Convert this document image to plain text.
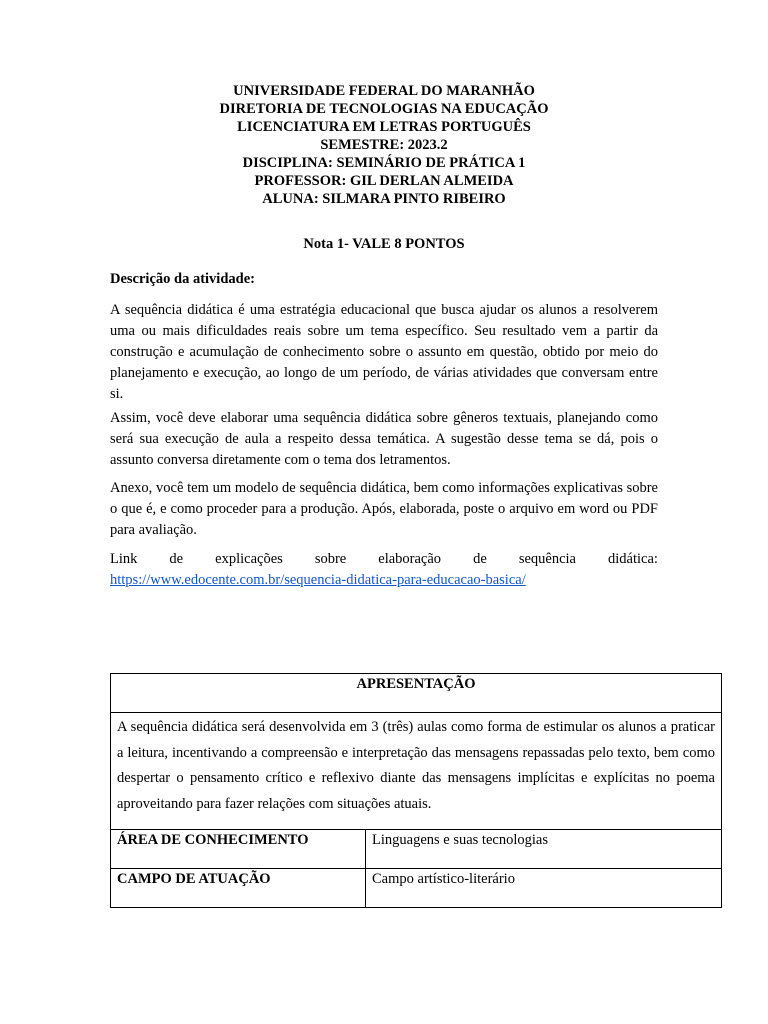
UNIVERSIDADE FEDERAL DO MARANHÃO
DIRETORIA DE TECNOLOGIAS NA EDUCAÇÃO
LICENCIATURA EM LETRAS PORTUGUÊS
SEMESTRE: 2023.2
DISCIPLINA: SEMINÁRIO DE PRÁTICA 1
PROFESSOR: GIL DERLAN ALMEIDA
ALUNA: SILMARA PINTO RIBEIRO
Nota 1- VALE 8 PONTOS
Descrição da atividade:

A sequência didática é uma estratégia educacional que busca ajudar os alunos a resolverem uma ou mais dificuldades reais sobre um tema específico. Seu resultado vem a partir da construção e acumulação de conhecimento sobre o assunto em questão, obtido por meio do planejamento e execução, ao longo de um período, de várias atividades que conversam entre si.

Assim, você deve elaborar uma sequência didática sobre gêneros textuais, planejando como será sua execução de aula a respeito dessa temática. A sugestão desse tema se dá, pois o assunto conversa diretamente com o tema dos letramentos.

Anexo, você tem um modelo de sequência didática, bem como informações explicativas sobre o que é, e como proceder para a produção. Após, elaborada, poste o arquivo em word ou PDF para avaliação.

Link de explicações sobre elaboração de sequência didática:
https://www.edocente.com.br/sequencia-didatica-para-educacao-basica/
APRESENTAÇÃO	
A sequência didática será desenvolvida em 3 (três) aulas como forma de estimular os alunos a praticar a leitura, incentivando a compreensão e interpretação das mensagens repassadas pelo texto, bem como despertar o pensamento crítico e reflexivo diante das mensagens implícitas e explícitas no poema aproveitando para fazer relações com situações atuais.	
ÁREA DE CONHECIMENTO	Linguagens e suas tecnologias
CAMPO DE ATUAÇÃO	Campo artístico-literário
